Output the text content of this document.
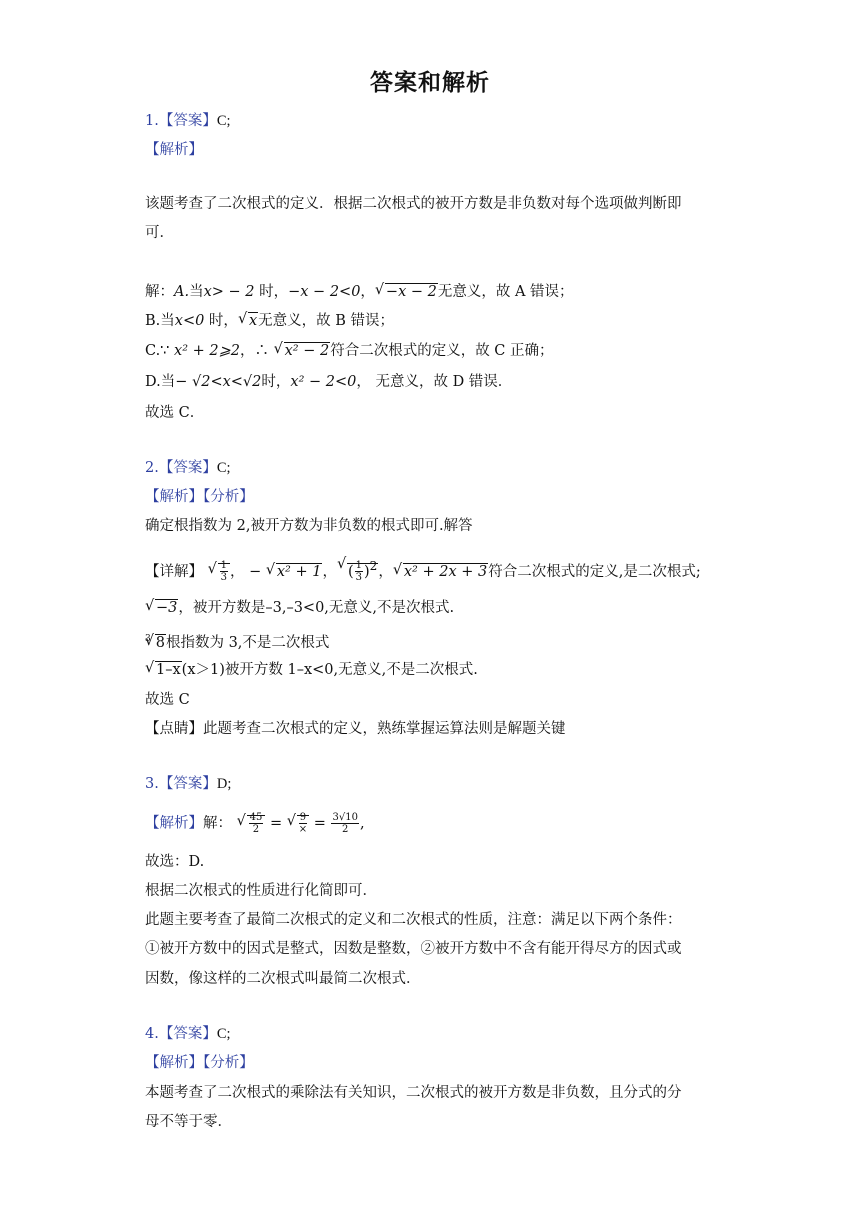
答案和解析
1.【答案】C;
【解析】
该题考查了二次根式的定义．根据二次根式的被开方数是非负数对每个选项做判断即
可．
解：A.当x> − 2 时，−x − 2<0， √ −x − 2无意义，故 A 错误；
B.当x<0 时， √ x无意义，故 B 错误；
C.∵ x² + 2⩾2，∴ √ x² − 2符合二次根式的定义，故 C 正确；
D.当− √2<x<√2时，x² − 2<0， 无意义，故 D 错误．
故选 C．
2.【答案】C;
【解析】【分析】
确定根指数为 2,被开方数为非负数的根式即可.解答
【详解】 √ $\frac{1}{3}$ ， − √ x² + 1， √ ( $\frac{1}{3} )^2$， √ x² + 2x + 3符合二次根式的定义,是二次根式;
√ −3，被开方数是–3,–3<0,无意义,不是次根式.
$^3$ √ 8根指数为 3,不是二次根式
√ 1–x(x＞1)被开方数 1–x<0,无意义,不是二次根式.
故选 C
【点睛】此题考查二次根式的定义，熟练掌握运算法则是解题关键
3.【答案】D;
【解析】解： √ $\frac{45}{2}$ = √ $\frac{9}{\times} = \frac{3√10}{2}$ ,
故选：D.
根据二次根式的性质进行化简即可．
此题主要考查了最简二次根式的定义和二次根式的性质，注意：满足以下两个条件：
①被开方数中的因式是整式，因数是整数，②被开方数中不含有能开得尽方的因式或
因数，像这样的二次根式叫最简二次根式．
4.【答案】C;
【解析】【分析】
本题考查了二次根式的乘除法有关知识，二次根式的被开方数是非负数，且分式的分
母不等于零．
